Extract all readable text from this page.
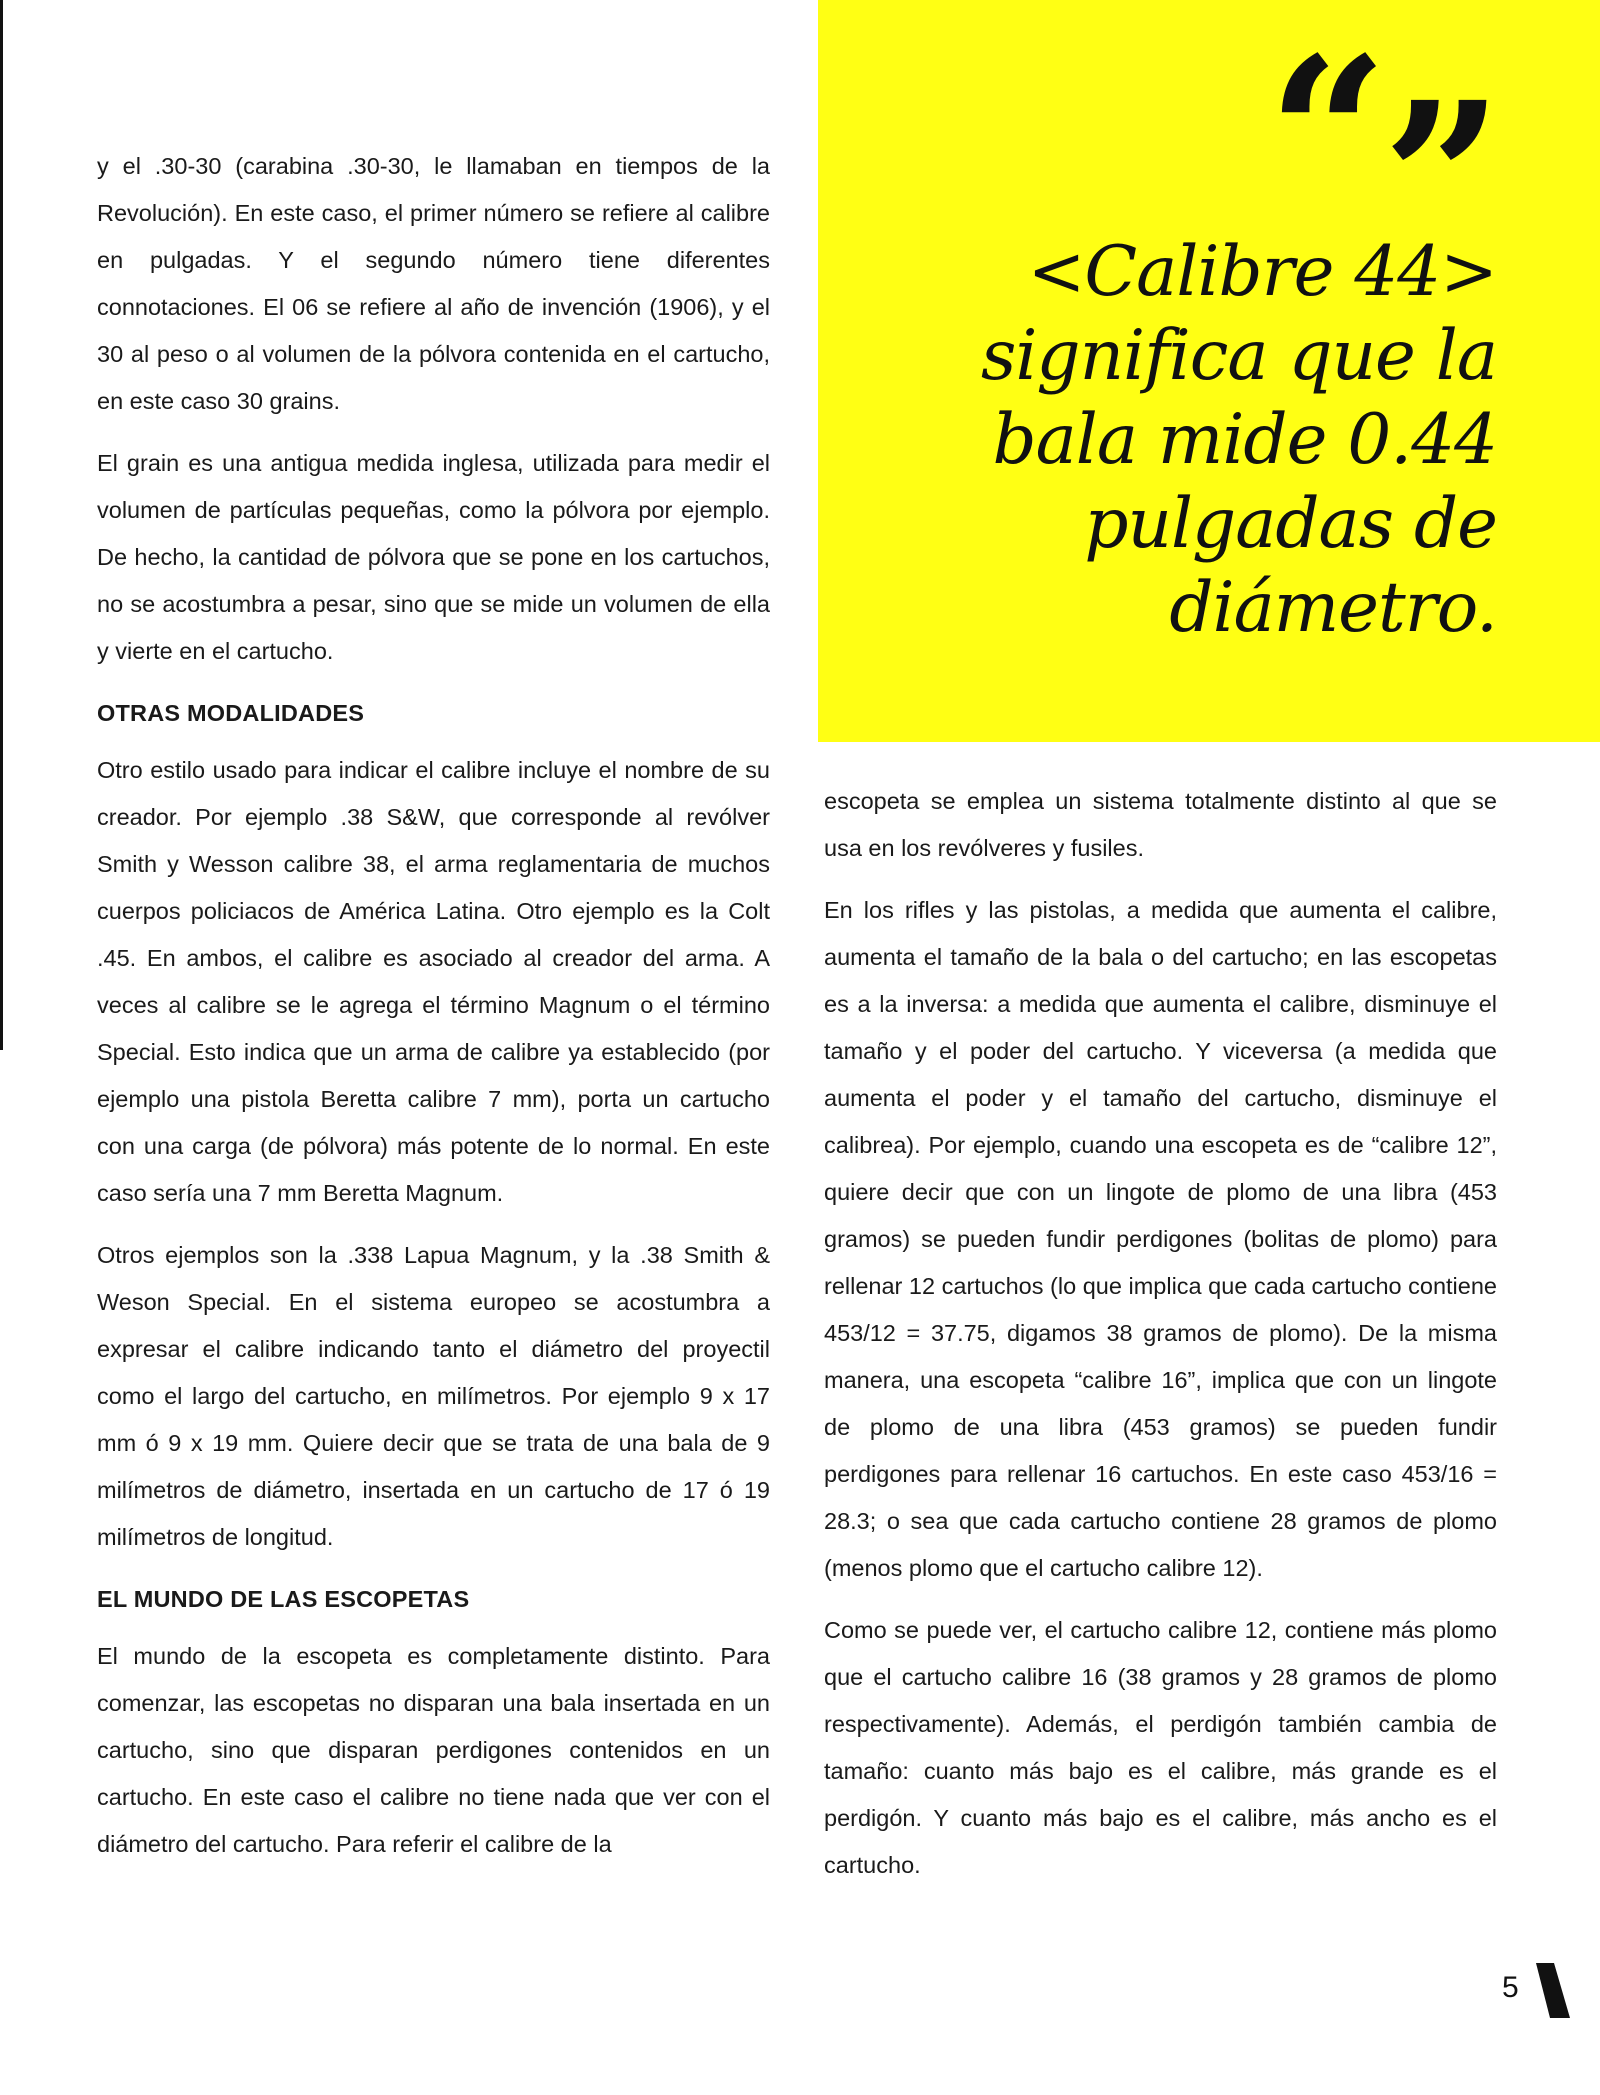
y el .30-30 (carabina .30-30, le llamaban en tiempos de la Revolución). En este caso, el primer número se refiere al calibre en pulgadas. Y el segundo número tiene diferentes connotaciones. El 06 se refiere al año de invención (1906), y el 30 al peso o al volumen de la pólvora contenida en el cartucho, en este caso 30 grains.

El grain es una antigua medida inglesa, utilizada para medir el volumen de partículas pequeñas, como la pólvora por ejemplo. De hecho, la cantidad de pólvora que se pone en los cartuchos, no se acostumbra a pesar, sino que se mide un volumen de ella y vierte en el cartucho.

OTRAS MODALIDADES

Otro estilo usado para indicar el calibre incluye el nombre de su creador. Por ejemplo .38 S&W, que corresponde al revólver Smith y Wesson calibre 38, el arma reglamentaria de muchos cuerpos policiacos de América Latina. Otro ejemplo es la Colt .45. En ambos, el calibre es asociado al creador del arma. A veces al calibre se le agrega el término Magnum o el término Special. Esto indica que un arma de calibre ya establecido (por ejemplo una pistola Beretta calibre 7 mm), porta un cartucho con una carga (de pólvora) más potente de lo normal. En este caso sería una 7 mm Beretta Magnum.

Otros ejemplos son la .338 Lapua Magnum, y la .38 Smith & Weson Special. En el sistema europeo se acostumbra a expresar el calibre indicando tanto el diámetro del proyectil como el largo del cartucho, en milímetros. Por ejemplo 9 x 17 mm ó 9 x 19 mm. Quiere decir que se trata de una bala de 9 milímetros de diámetro, insertada en un cartucho de 17 ó 19 milímetros de longitud.

EL MUNDO DE LAS ESCOPETAS

El mundo de la escopeta es completamente distinto. Para comenzar, las escopetas no disparan una bala insertada en un cartucho, sino que disparan perdigones contenidos en un cartucho. En este caso el calibre no tiene nada que ver con el diámetro del cartucho. Para referir el calibre de la

“”
<Calibre 44>
significa que la
bala mide 0.44
pulgadas de
diámetro.

escopeta se emplea un sistema totalmente distinto al que se usa en los revólveres y fusiles.

En los rifles y las pistolas, a medida que aumenta el calibre, aumenta el tamaño de la bala o del cartucho; en las escopetas es a la inversa: a medida que aumenta el calibre, disminuye el tamaño y el poder del cartucho. Y viceversa (a medida que aumenta el poder y el tamaño del cartucho, disminuye el calibrea). Por ejemplo, cuando una escopeta es de “calibre 12”, quiere decir que con un lingote de plomo de una libra (453 gramos) se pueden fundir perdigones (bolitas de plomo) para rellenar 12 cartuchos (lo que implica que cada cartucho contiene 453/12 = 37.75, digamos 38 gramos de plomo). De la misma manera, una escopeta “calibre 16”, implica que con un lingote de plomo de una libra (453 gramos) se pueden fundir perdigones para rellenar 16 cartuchos. En este caso 453/16 = 28.3; o sea que cada cartucho contiene 28 gramos de plomo (menos plomo que el cartucho calibre 12).

Como se puede ver, el cartucho calibre 12, contiene más plomo que el cartucho calibre 16 (38 gramos y 28 gramos de plomo respectivamente). Además, el perdigón también cambia de tamaño: cuanto más bajo es el calibre, más grande es el perdigón. Y cuanto más bajo es el calibre, más ancho es el cartucho.

5
